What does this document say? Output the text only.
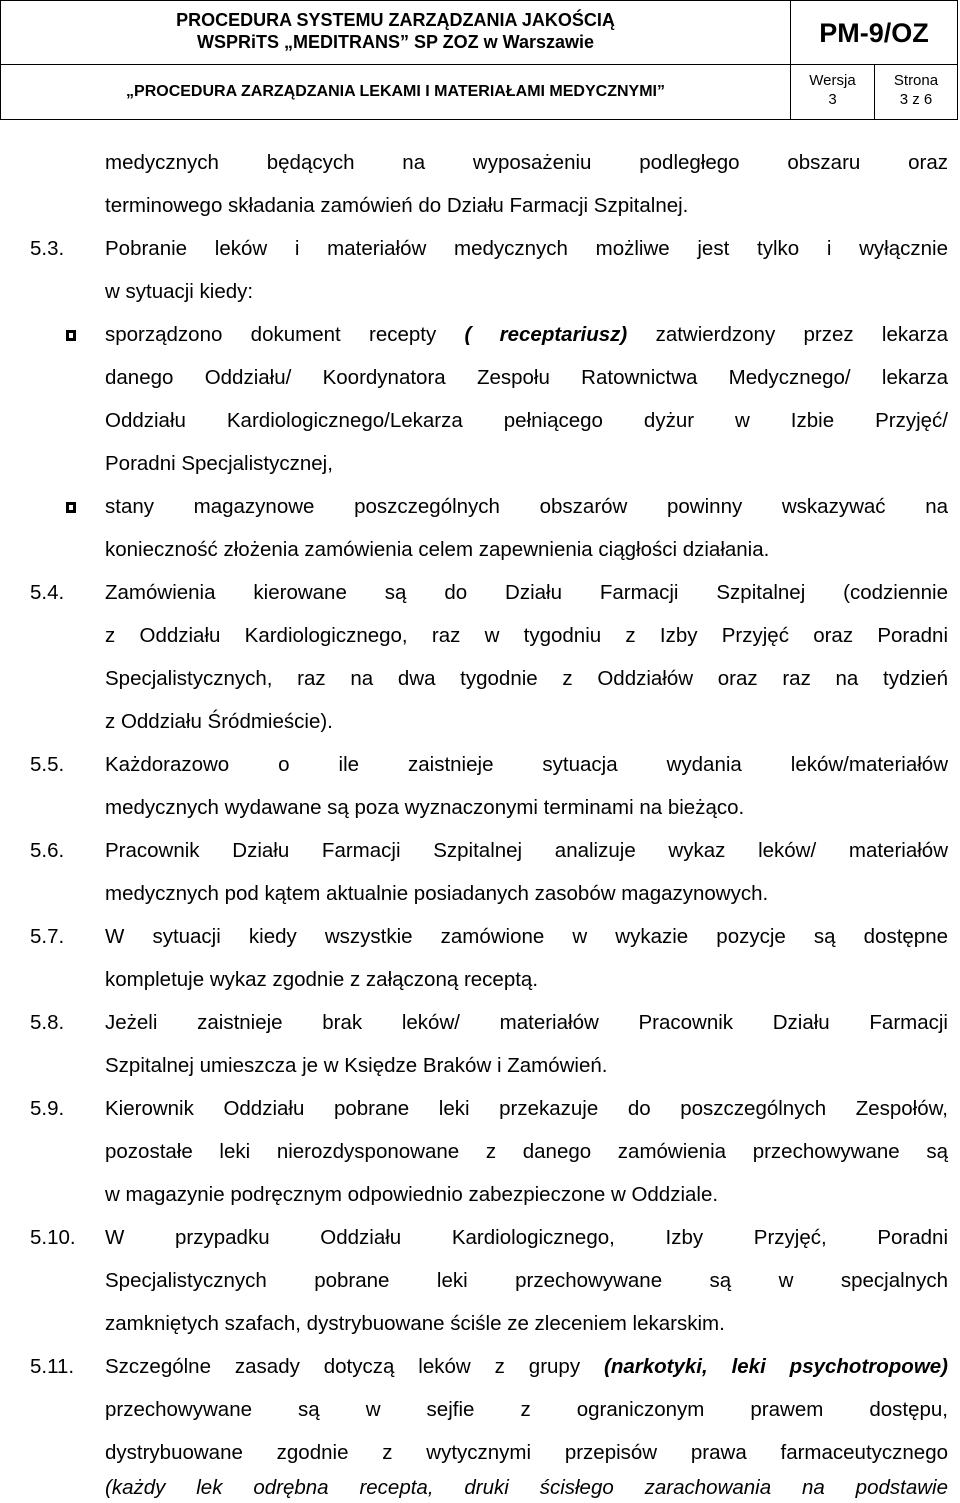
PROCEDURA SYSTEMU ZARZĄDZANIA JAKOŚCIĄ
WSPRiTS „MEDITRANS” SP ZOZ w Warszawie	PM-9/OZ
„PROCEDURA ZARZĄDZANIA LEKAMI I MATERIAŁAMI MEDYCZNYMI”
Wersja
3
Strona
3 z 6
medycznych będących na wyposażeniu podległego obszaru oraz
terminowego składania zamówień do Działu Farmacji Szpitalnej.
5.3. Pobranie leków i materiałów medycznych możliwe jest tylko i wyłącznie
w sytuacji kiedy:
sporządzono dokument recepty ( receptariusz) zatwierdzony przez lekarza
danego Oddziału/ Koordynatora Zespołu Ratownictwa Medycznego/ lekarza
Oddziału Kardiologicznego/Lekarza pełniącego dyżur w Izbie Przyjęć/
Poradni Specjalistycznej,
stany magazynowe poszczególnych obszarów powinny wskazywać na
konieczność złożenia zamówienia celem zapewnienia ciągłości działania.
5.4. Zamówienia kierowane są do Działu Farmacji Szpitalnej (codziennie
z Oddziału Kardiologicznego, raz w tygodniu z Izby Przyjęć oraz Poradni
Specjalistycznych, raz na dwa tygodnie z Oddziałów oraz raz na tydzień
z Oddziału Śródmieście).
5.5. Każdorazowo o ile zaistnieje sytuacja wydania leków/materiałów
medycznych wydawane są poza wyznaczonymi terminami na bieżąco.
5.6. Pracownik Działu Farmacji Szpitalnej analizuje wykaz leków/ materiałów
medycznych pod kątem aktualnie posiadanych zasobów magazynowych.
5.7. W sytuacji kiedy wszystkie zamówione w wykazie pozycje są dostępne
kompletuje wykaz zgodnie z załączoną receptą.
5.8. Jeżeli zaistnieje brak leków/ materiałów Pracownik Działu Farmacji
Szpitalnej umieszcza je w Księdze Braków i Zamówień.
5.9. Kierownik Oddziału pobrane leki przekazuje do poszczególnych Zespołów,
pozostałe leki nierozdysponowane z danego zamówienia przechowywane są
w magazynie podręcznym odpowiednio zabezpieczone w Oddziale.
5.10. W przypadku Oddziału Kardiologicznego, Izby Przyjęć, Poradni
Specjalistycznych pobrane leki przechowywane są w specjalnych
zamkniętych szafach, dystrybuowane ściśle ze zleceniem lekarskim.
5.11. Szczególne zasady dotyczą leków z grupy (narkotyki, leki psychotropowe)
przechowywane są w sejfie z ograniczonym prawem dostępu,
dystrybuowane zgodnie z wytycznymi przepisów prawa farmaceutycznego
(każdy lek odrębna recepta, druki ścisłego zarachowania na podstawie
